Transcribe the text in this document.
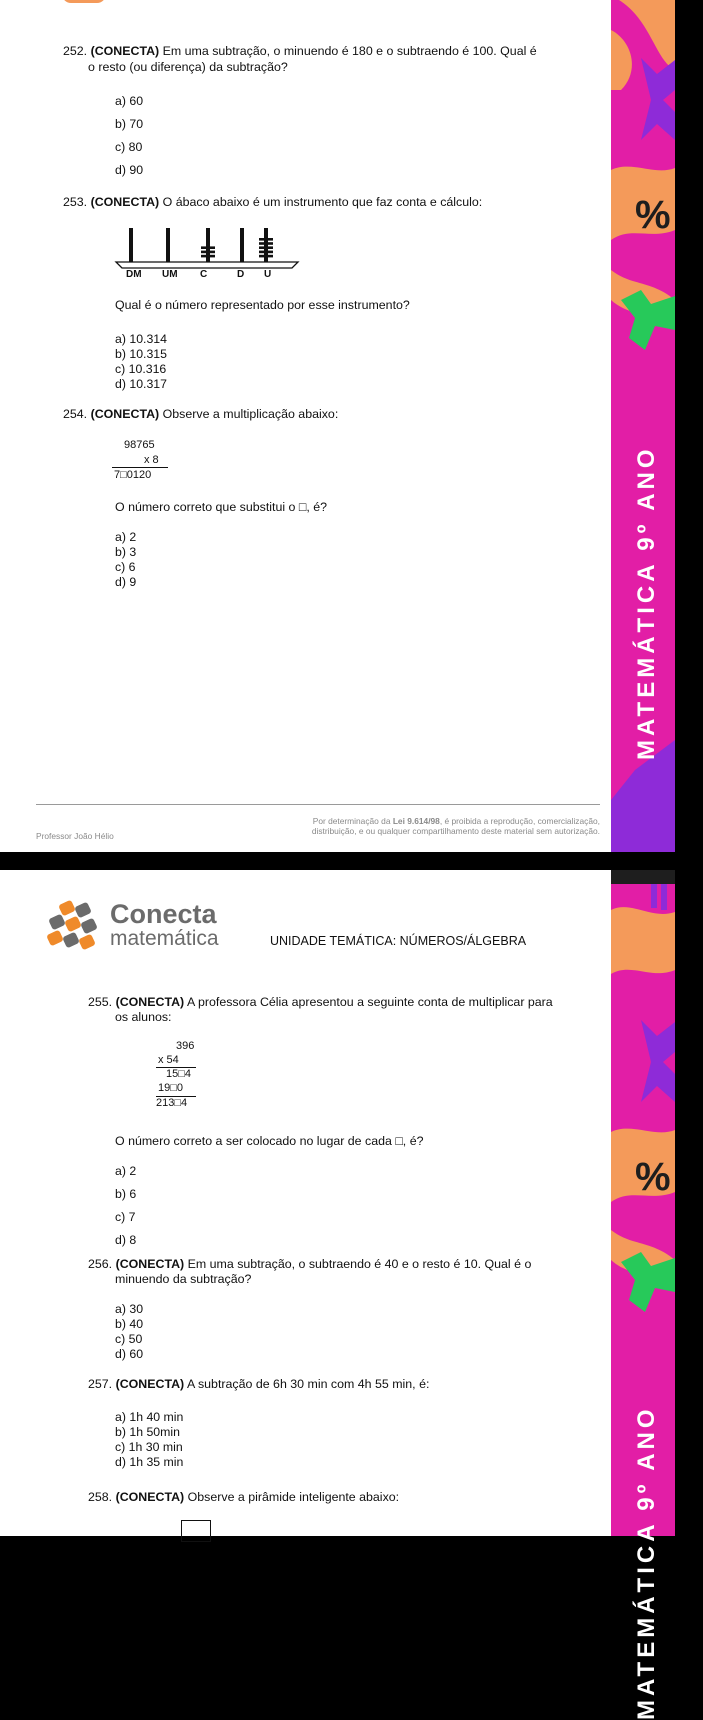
252. (CONECTA) Em uma subtração, o minuendo é 180 e o subtraendo é 100. Qual é
o resto (ou diferença) da subtração?
a) 60
b) 70
c) 80
d) 90
253. (CONECTA) O ábaco abaixo é um instrumento que faz conta e cálculo:
DM UM C	D U
Qual é o número representado por esse instrumento?
a) 10.314
b) 10.315
c) 10.316
d) 10.317
254. (CONECTA) Observe a multiplicação abaixo:
98765
x 8
7□0120
O número correto que substitui o □, é?
a) 2
b) 3
c) 6
d) 9
Professor João Hélio
Por determinação da Lei 9.614/98, é proibida a reprodução, comercialização,
distribuição, e ou qualquer compartilhamento deste material sem autorização.
%
MATEMÁTICA 9º ANO
Conecta
matemática	UNIDADE TEMÁTICA: NÚMEROS/ÁLGEBRA
255. (CONECTA) A professora Célia apresentou a seguinte conta de multiplicar para
os alunos:
396
x 54
15□4
19□0
213□4
O número correto a ser colocado no lugar de cada □, é?
a) 2
b) 6
c) 7
d) 8
256. (CONECTA) Em uma subtração, o subtraendo é 40 e o resto é 10. Qual é o
minuendo da subtração?
a) 30
b) 40
c) 50
d) 60
257. (CONECTA) A subtração de 6h 30 min com 4h 55 min, é:
a) 1h 40 min
b) 1h 50min
c) 1h 30 min
d) 1h 35 min
258. (CONECTA) Observe a pirâmide inteligente abaixo:
%
MATEMÁTICA 9º ANO
